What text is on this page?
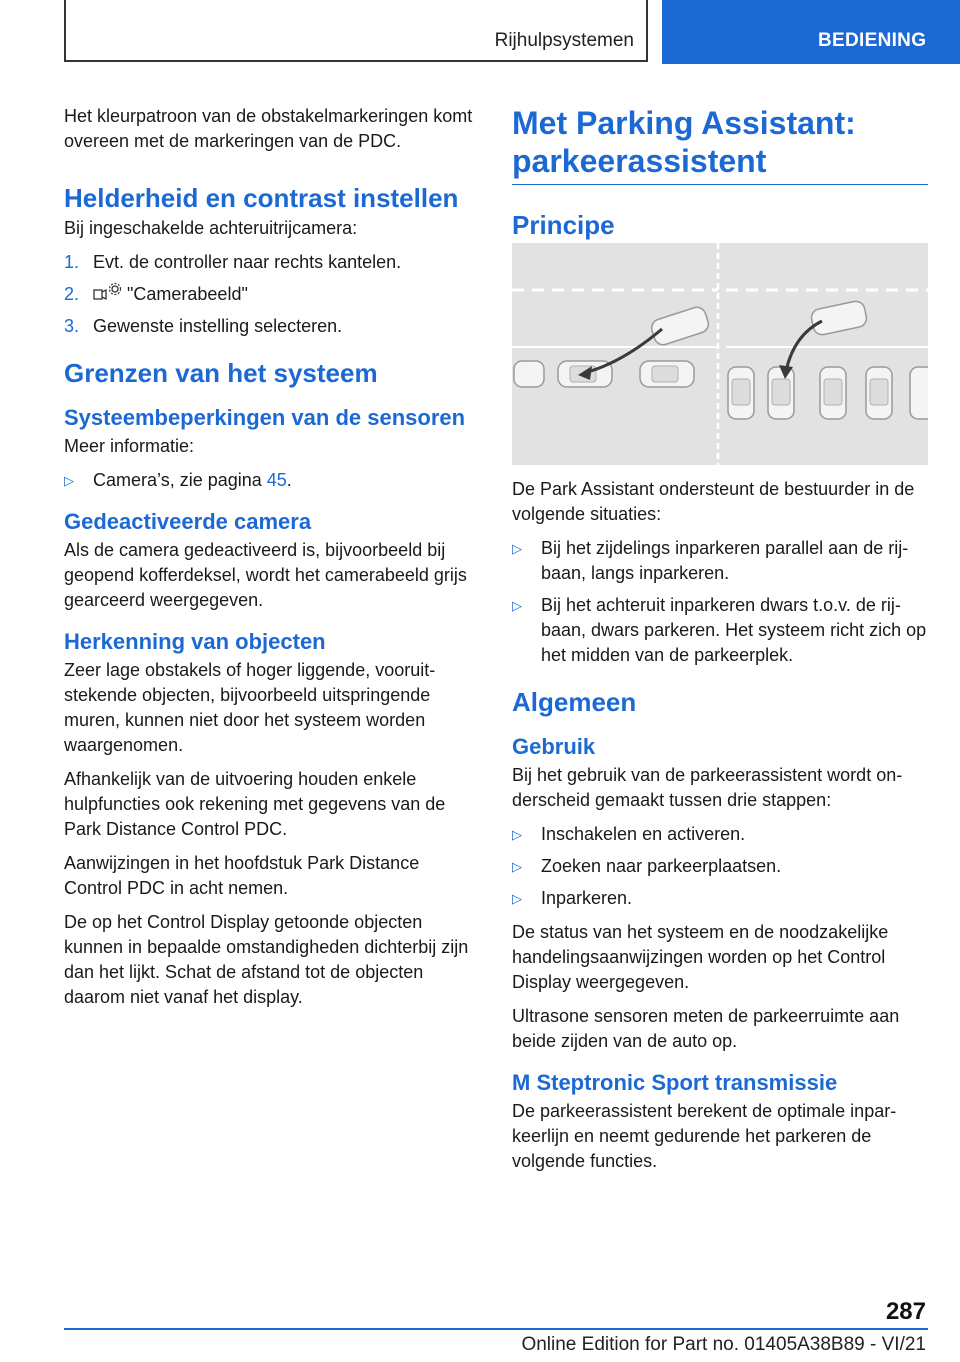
Rijhulpsystemen	BEDIENING

Het kleurpatroon van de obstakelmarkeringen komt overeen met de markeringen van de PDC.

Helderheid en contrast instellen

Bij ingeschakelde achteruitrijcamera:

1. Evt. de controller naar rechts kantelen.
2.	"Camerabeeld"
3. Gewenste instelling selecteren.
Grenzen van het systeem
Systeembeperkingen van de sensoren

Meer informatie:

▷ Camera’s, zie pagina 45.
Gedeactiveerde camera

Als de camera gedeactiveerd is, bijvoorbeeld bij geopend kofferdeksel, wordt het camerabeeld grijs gearceerd weergegeven.

Herkenning van objecten

Zeer lage obstakels of hoger liggende, vooruitstekende objecten, bijvoorbeeld uitspringende muren, kunnen niet door het systeem worden waargenomen.

Afhankelijk van de uitvoering houden enkele hulpfuncties ook rekening met gegevens van de Park Distance Control PDC.

Aanwijzingen in het hoofdstuk Park Distance Control PDC in acht nemen.

De op het Control Display getoonde objecten kunnen in bepaalde omstandigheden dichterbij zijn dan het lijkt. Schat de afstand tot de objecten daarom niet vanaf het display.

Met Parking Assistant: parkeerassistent
Principe

De Park Assistant ondersteunt de bestuurder in de volgende situaties:

▷ Bij het zijdelings inparkeren parallel aan de rijbaan, langs inparkeren.
▷ Bij het achteruit inparkeren dwars t.o.v. de rijbaan, dwars parkeren. Het systeem richt zich op het midden van de parkeerplek.
Algemeen
Gebruik

Bij het gebruik van de parkeerassistent wordt onderscheid gemaakt tussen drie stappen:

▷ Inschakelen en activeren.
▷ Zoeken naar parkeerplaatsen.
▷ Inparkeren.

De status van het systeem en de noodzakelijke handelingsaanwijzingen worden op het Control Display weergegeven.

Ultrasone sensoren meten de parkeerruimte aan beide zijden van de auto op.

M Steptronic Sport transmissie

De parkeerassistent berekent de optimale inparkeerlijn en neemt gedurende het parkeren de volgende functies.

287
Online Edition for Part no. 01405A38B89 - VI/21
